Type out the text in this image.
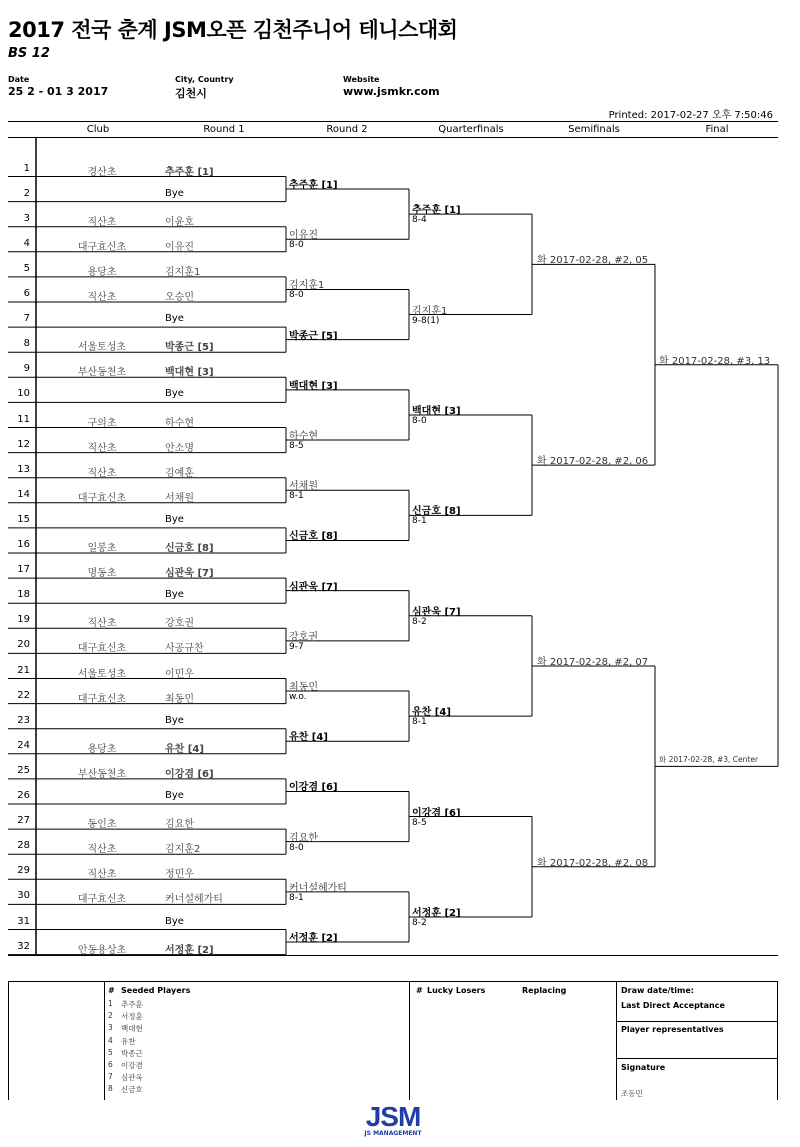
2017 전국 춘계 JSM오픈 김천주니어 테니스대회
BS 12
Date
25 2 - 01 3 2017
City, Country
김천시
Website
www.jsmkr.com
Printed: 2017-02-27 오후 7:50:46
Club	Round 1	Round 2	Quarterfinals	Semifinals	Final
1	경산초	추주훈 [1]
2	Bye
3	직산초	이윤호
4	대구효신초	이유진
5	용당초	김지훈1
6	직산초	오승민
7	Bye
8	서울토성초	박종근 [5]
9	부산동천초	백대현 [3]
10	Bye
11	구의초	하수현
12	직산초	안소명
13	직산초	김예훈
14	대구효신초	서채원
15	Bye
16	일봉초	신금호 [8]
17	명동초	심관욱 [7]
18	Bye
19	직산초	강호권
20	대구효신초	사공규찬
21	서울토성초	이민우
22	대구효신초	최동민
23	Bye
24	용당초	유찬 [4]
25	부산동천초	이강겸 [6]
26	Bye
27	동인초	김요한
28	직산초	김지훈2
29	직산초	정민우
30	대구효신초	커너설헤가티
31	Bye
32	안동용상초	서정훈 [2]
추주훈 [1]
이유진
8-0
김지훈1
8-0
박종근 [5]
백대현 [3]
하수현
8-5
서채원
8-1
신금호 [8]
심관욱 [7]
강호권
9-7
최동민
w.o.
유찬 [4]
이강겸 [6]
김요한
8-0
커너설헤가티
8-1
서정훈 [2]
추주훈 [1]
8-4
김지훈1
9-8(1)
백대현 [3]
8-0
신금호 [8]
8-1
심관욱 [7]
8-2
유찬 [4]
8-1
이강겸 [6]
8-5
서정훈 [2]
8-2
화 2017-02-28, #2, 05
화 2017-02-28, #2, 06
화 2017-02-28, #2, 07
화 2017-02-28, #2, 08
화 2017-02-28, #3, 13
화 2017-02-28, #3, Center
# Seeded Players
1 추주훈
2 서정훈
3 백대현
4 유찬
5 박종근
6 이강겸
7 심관욱
8 신금호
# Lucky Losers	Replacing	Draw date/time:
Last Direct Acceptance
Player representatives
Signature
조동민
JSM
JS MANAGEMENT
